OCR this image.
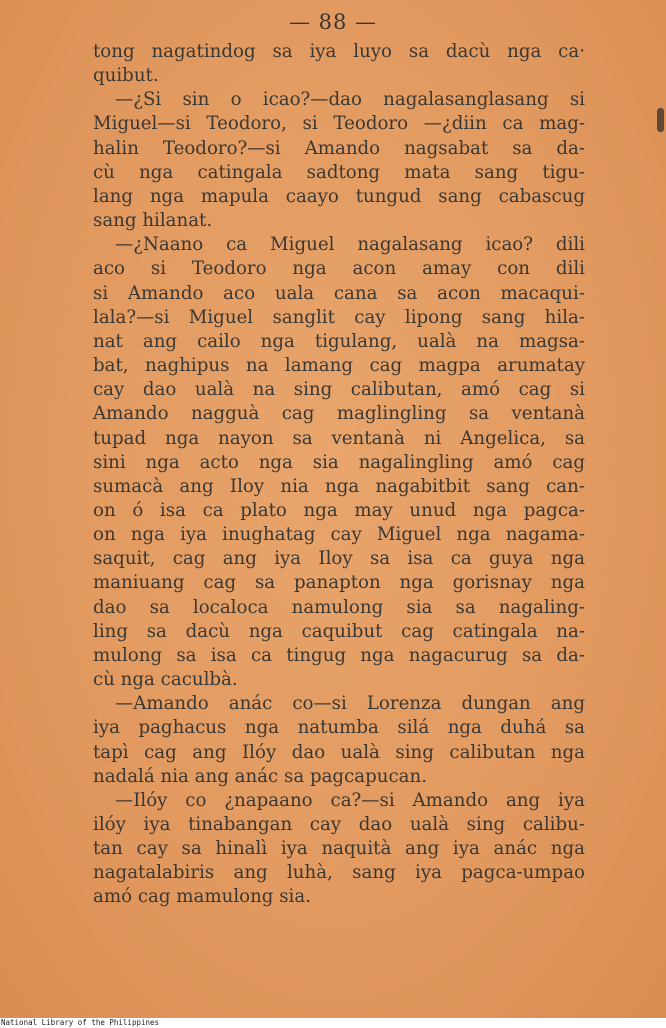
— 88 —
tong nagatindog sa iya luyo sa dacù nga ca·
quibut.
—¿Si sin o icao?—dao nagalasanglasang si
Miguel—si Teodoro, si Teodoro —¿diin ca mag-
halin Teodoro?—si Amando nagsabat sa da-
cù nga catingala sadtong mata sang tigu-
lang nga mapula caayo tungud sang cabascug
sang hilanat.
—¿Naano ca Miguel nagalasang icao? dili
aco si Teodoro nga acon amay con dili
si Amando aco uala cana sa acon macaqui-
lala?—si Miguel sanglit cay lipong sang hila-
nat ang cailo nga tigulang, ualà na magsa-
bat, naghipus na lamang cag magpa arumatay
cay dao ualà na sing calibutan, amó cag si
Amando nagguà cag maglingling sa ventanà
tupad nga nayon sa ventanà ni Angelica, sa
sini nga acto nga sia nagalingling amó cag
sumacà ang Iloy nia nga nagabitbit sang can-
on ó isa ca plato nga may unud nga pagca-
on nga iya inughatag cay Miguel nga nagama-
saquit, cag ang iya Iloy sa isa ca guya nga
maniuang cag sa panapton nga gorisnay nga
dao sa localoca namulong sia sa nagaling-
ling sa dacù nga caquibut cag catingala na-
mulong sa isa ca tingug nga nagacurug sa da-
cù nga caculbà.
—Amando anác co—si Lorenza dungan ang
iya paghacus nga natumba silá nga duhá sa
tapì cag ang Ilóy dao ualà sing calibutan nga
nadalá nia ang anác sa pagcapucan.
—Ilóy co ¿napaano ca?—si Amando ang iya
ilóy iya tinabangan cay dao ualà sing calibu-
tan cay sa hinalì iya naquità ang iya anác nga
nagatalabiris ang luhà, sang iya pagca-umpao
amó cag mamulong sia.
National Library of the Philippines
